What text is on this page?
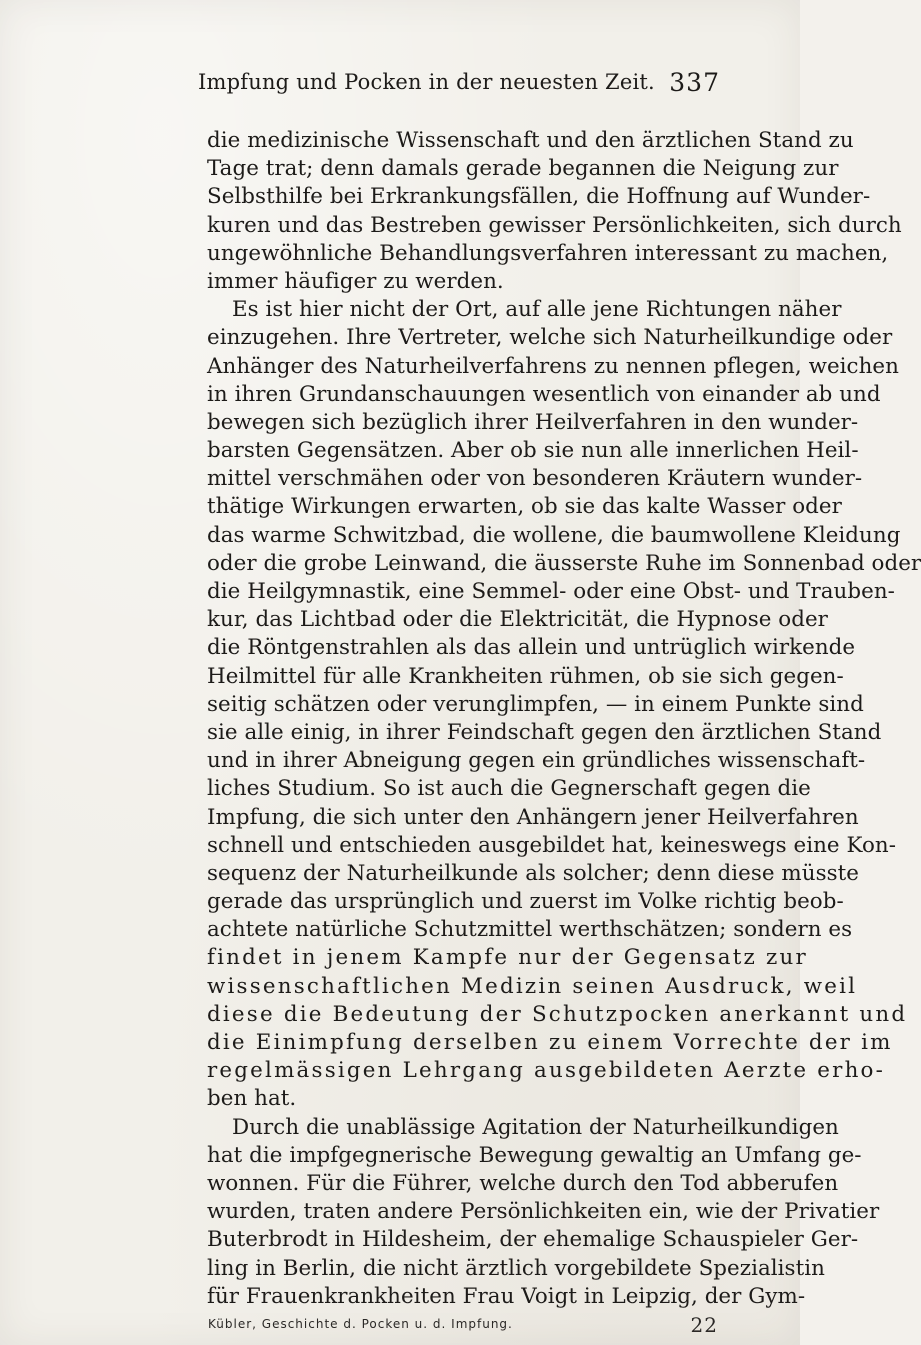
Impfung und Pocken in der neuesten Zeit. 337
die medizinische Wissenschaft und den ärztlichen Stand zu
Tage trat; denn damals gerade begannen die Neigung zur
Selbsthilfe bei Erkrankungsfällen, die Hoffnung auf Wunder-
kuren und das Bestreben gewisser Persönlichkeiten, sich durch
ungewöhnliche Behandlungsverfahren interessant zu machen,
immer häufiger zu werden.
Es ist hier nicht der Ort, auf alle jene Richtungen näher
einzugehen. Ihre Vertreter, welche sich Naturheilkundige oder
Anhänger des Naturheilverfahrens zu nennen pflegen, weichen
in ihren Grundanschauungen wesentlich von einander ab und
bewegen sich bezüglich ihrer Heilverfahren in den wunder-
barsten Gegensätzen. Aber ob sie nun alle innerlichen Heil-
mittel verschmähen oder von besonderen Kräutern wunder-
thätige Wirkungen erwarten, ob sie das kalte Wasser oder
das warme Schwitzbad, die wollene, die baumwollene Kleidung
oder die grobe Leinwand, die äusserste Ruhe im Sonnenbad oder
die Heilgymnastik, eine Semmel- oder eine Obst- und Trauben-
kur, das Lichtbad oder die Elektricität, die Hypnose oder
die Röntgenstrahlen als das allein und untrüglich wirkende
Heilmittel für alle Krankheiten rühmen, ob sie sich gegen-
seitig schätzen oder verunglimpfen, — in einem Punkte sind
sie alle einig, in ihrer Feindschaft gegen den ärztlichen Stand
und in ihrer Abneigung gegen ein gründliches wissenschaft-
liches Studium. So ist auch die Gegnerschaft gegen die
Impfung, die sich unter den Anhängern jener Heilverfahren
schnell und entschieden ausgebildet hat, keineswegs eine Kon-
sequenz der Naturheilkunde als solcher; denn diese müsste
gerade das ursprünglich und zuerst im Volke richtig beob-
achtete natürliche Schutzmittel werthschätzen; sondern es
findet in jenem Kampfe nur der Gegensatz zur
wissenschaftlichen Medizin seinen Ausdruck, weil
diese die Bedeutung der Schutzpocken anerkannt und
die Einimpfung derselben zu einem Vorrechte der im
regelmässigen Lehrgang ausgebildeten Aerzte erho-
ben hat.
Durch die unablässige Agitation der Naturheilkundigen
hat die impfgegnerische Bewegung gewaltig an Umfang ge-
wonnen. Für die Führer, welche durch den Tod abberufen
wurden, traten andere Persönlichkeiten ein, wie der Privatier
Buterbrodt in Hildesheim, der ehemalige Schauspieler Ger-
ling in Berlin, die nicht ärztlich vorgebildete Spezialistin
für Frauenkrankheiten Frau Voigt in Leipzig, der Gym-
Kübler, Geschichte d. Pocken u. d. Impfung.	22
